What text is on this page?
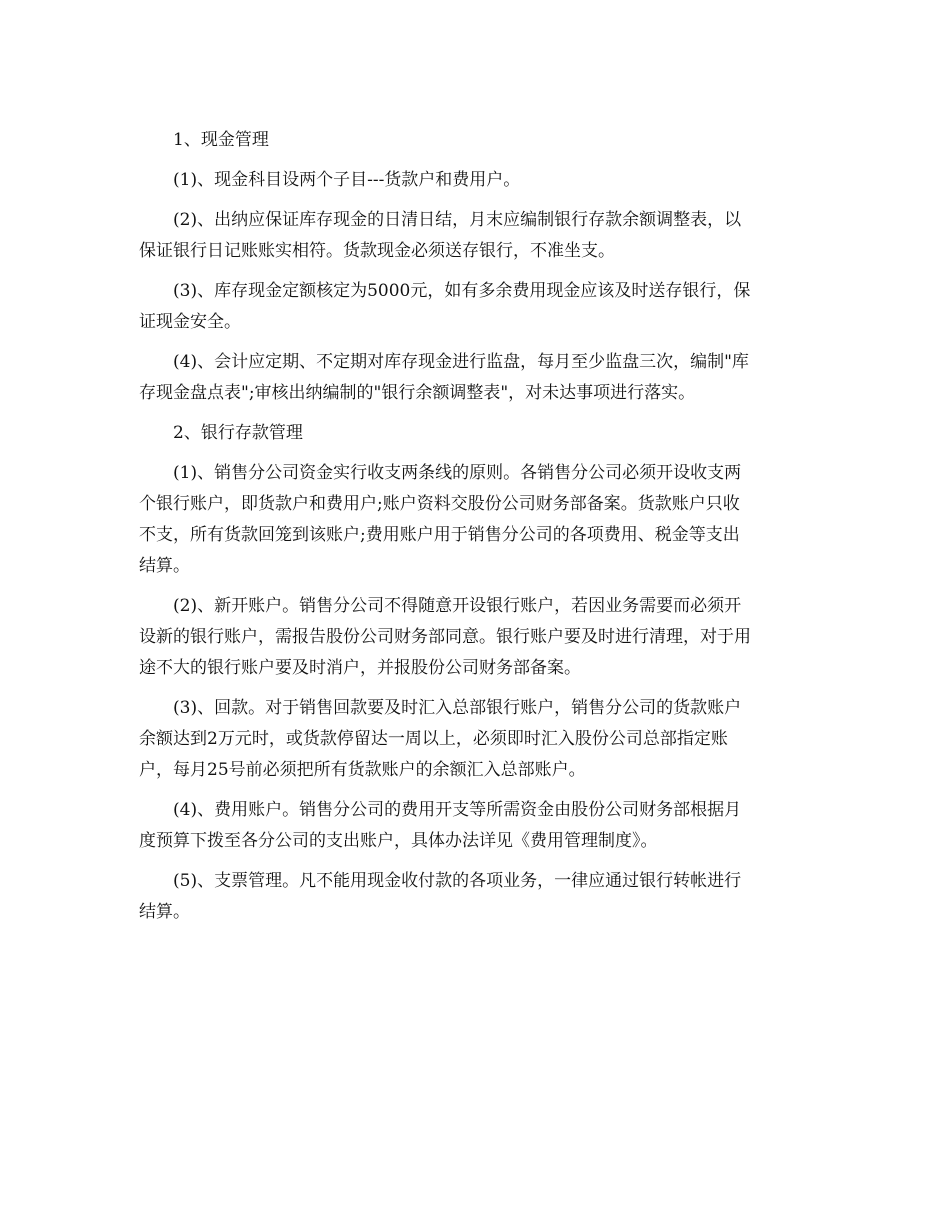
1、现金管理
(1)、现金科目设两个子目---货款户和费用户。
(2)、出纳应保证库存现金的日清日结，月末应编制银行存款余额调整表，以
保证银行日记账账实相符。货款现金必须送存银行，不准坐支。
(3)、库存现金定额核定为5000元，如有多余费用现金应该及时送存银行，保
证现金安全。
(4)、会计应定期、不定期对库存现金进行监盘，每月至少监盘三次，编制"库
存现金盘点表";审核出纳编制的"银行余额调整表"，对未达事项进行落实。
2、银行存款管理
(1)、销售分公司资金实行收支两条线的原则。各销售分公司必须开设收支两
个银行账户，即货款户和费用户;账户资料交股份公司财务部备案。货款账户只收
不支，所有货款回笼到该账户;费用账户用于销售分公司的各项费用、税金等支出
结算。
(2)、新开账户。销售分公司不得随意开设银行账户，若因业务需要而必须开
设新的银行账户，需报告股份公司财务部同意。银行账户要及时进行清理，对于用
途不大的银行账户要及时消户，并报股份公司财务部备案。
(3)、回款。对于销售回款要及时汇入总部银行账户，销售分公司的货款账户
余额达到2万元时，或货款停留达一周以上，必须即时汇入股份公司总部指定账
户，每月25号前必须把所有货款账户的余额汇入总部账户。
(4)、费用账户。销售分公司的费用开支等所需资金由股份公司财务部根据月
度预算下拨至各分公司的支出账户，具体办法详见《费用管理制度》。
(5)、支票管理。凡不能用现金收付款的各项业务，一律应通过银行转帐进行
结算。
